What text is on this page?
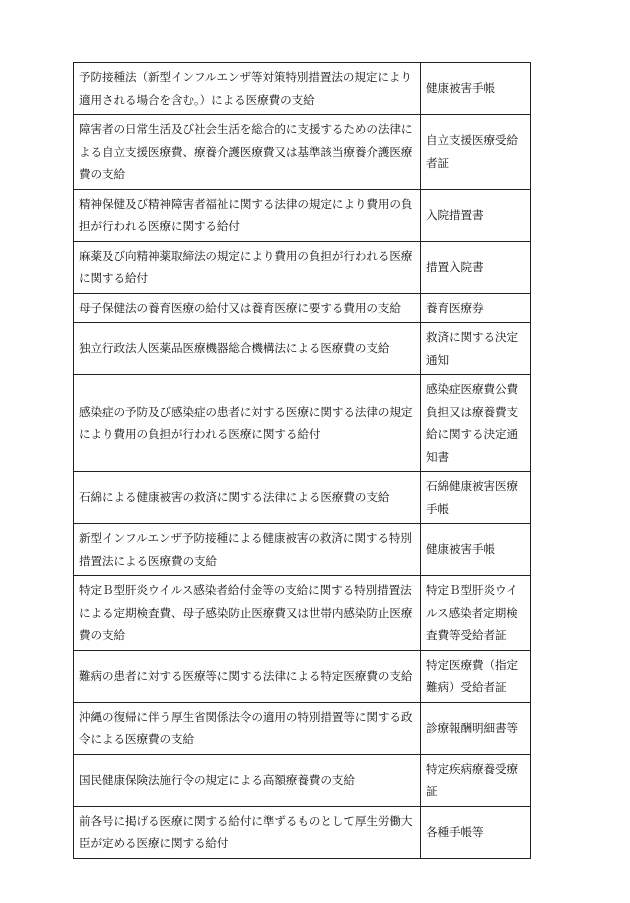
予防接種法（新型インフルエンザ等対策特別措置法の規定により適用される場合を含む。）による医療費の支給	健康被害手帳
障害者の日常生活及び社会生活を総合的に支援するための法律による自立支援医療費、療養介護医療費又は基準該当療養介護医療費の支給	自立支援医療受給者証
精神保健及び精神障害者福祉に関する法律の規定により費用の負担が行われる医療に関する給付	入院措置書
麻薬及び向精神薬取締法の規定により費用の負担が行われる医療に関する給付	措置入院書
母子保健法の養育医療の給付又は養育医療に要する費用の支給	養育医療券
独立行政法人医薬品医療機器総合機構法による医療費の支給	救済に関する決定通知
感染症の予防及び感染症の患者に対する医療に関する法律の規定により費用の負担が行われる医療に関する給付	感染症医療費公費負担又は療養費支給に関する決定通知書
石綿による健康被害の救済に関する法律による医療費の支給	石綿健康被害医療手帳
新型インフルエンザ予防接種による健康被害の救済に関する特別措置法による医療費の支給	健康被害手帳
特定Ｂ型肝炎ウイルス感染者給付金等の支給に関する特別措置法による定期検査費、母子感染防止医療費又は世帯内感染防止医療費の支給	特定Ｂ型肝炎ウイルス感染者定期検査費等受給者証
難病の患者に対する医療等に関する法律による特定医療費の支給	特定医療費（指定難病）受給者証
沖縄の復帰に伴う厚生省関係法令の適用の特別措置等に関する政令による医療費の支給	診療報酬明細書等
国民健康保険法施行令の規定による高額療養費の支給	特定疾病療養受療証
前各号に掲げる医療に関する給付に準ずるものとして厚生労働大臣が定める医療に関する給付	各種手帳等
